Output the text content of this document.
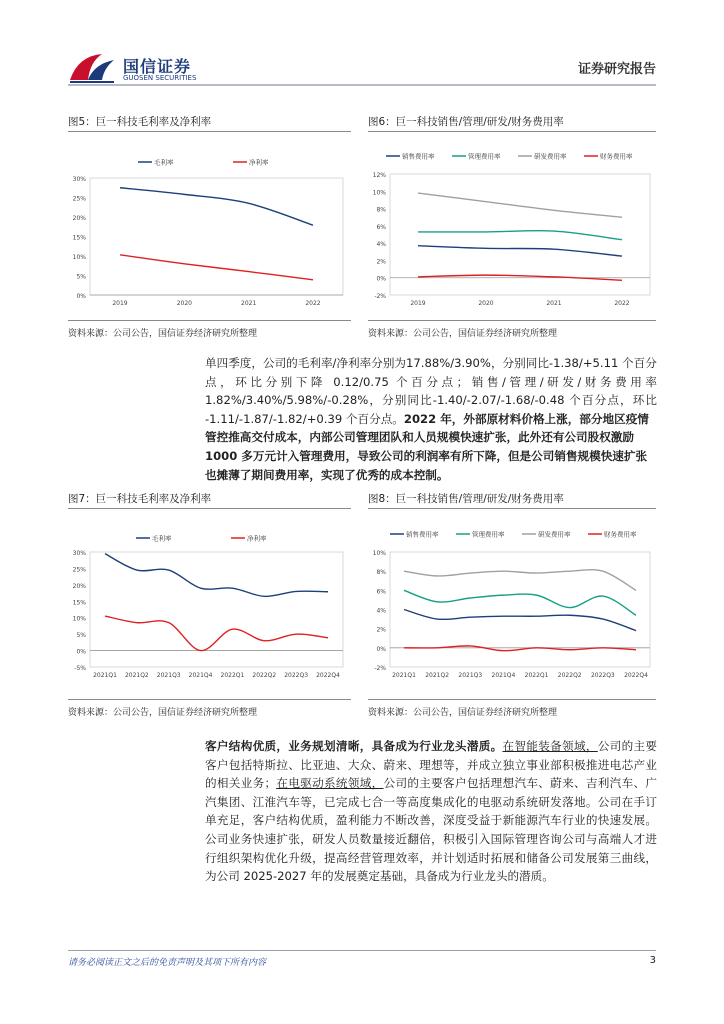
国信证券
GUOSEN SECURITIES
证券研究报告
图5：巨一科技毛利率及净利率
30%
25%
20%
15%
10%
5%
0%
2019	2020	2021	2022
毛利率	净利率
资料来源：公司公告，国信证券经济研究所整理
图6：巨一科技销售/管理/研发/财务费用率
12%
10%
8%
6%
4%
2%
0%
-2%
2019	2020	2021	2022
销售费用率	管理费用率	研发费用率	财务费用率
资料来源：公司公告，国信证券经济研究所整理
单四季度，公司的毛利率/净利率分别为17.88%/3.90%，分别同比-1.38/+5.11 个百分
点，环比分别下降 0.12/0.75 个百分点；销售/管理/研发/财务费用率
1.82%/3.40%/5.98%/-0.28%，分别同比-1.40/-2.07/-1.68/-0.48 个百分点，环比
-1.11/-1.87/-1.82/+0.39 个百分点。2022 年，外部原材料价格上涨，部分地区疫情
管控推高交付成本，内部公司管理团队和人员规模快速扩张，此外还有公司股权激励
1000 多万元计入管理费用，导致公司的利润率有所下降，但是公司销售规模快速扩张
也摊薄了期间费用率，实现了优秀的成本控制。
图7：巨一科技毛利率及净利率
30%
25%
20%
15%
10%
5%
0%
-5%
2021Q1 2021Q2 2021Q3 2021Q4 2022Q1 2022Q2 2022Q3 2022Q4
毛利率	净利率
资料来源：公司公告，国信证券经济研究所整理
图8：巨一科技销售/管理/研发/财务费用率
10%
8%
6%
4%
2%
0%
-2%
2021Q1 2021Q2 2021Q3 2021Q4 2022Q1 2022Q2 2022Q3 2022Q4
销售费用率	管理费用率	研发费用率	财务费用率
资料来源：公司公告，国信证券经济研究所整理
客户结构优质，业务规划清晰，具备成为行业龙头潜质。在智能装备领域，公司的主要客户包括特斯拉、比亚迪、大众、蔚来、理想等，并成立独立事业部积极推进电芯产业的相关业务；在电驱动系统领域，公司的主要客户包括理想汽车、蔚来、吉利汽车、广汽集团、江淮汽车等，已完成七合一等高度集成化的电驱动系统研发落地。公司在手订单充足，客户结构优质，盈利能力不断改善，深度受益于新能源汽车行业的快速发展。公司业务快速扩张，研发人员数量接近翻倍，积极引入国际管理咨询公司与高端人才进行组织架构优化升级，提高经营管理效率，并计划适时拓展和储备公司发展第三曲线，为公司 2025-2027 年的发展奠定基础，具备成为行业龙头的潜质。
请务必阅读正文之后的免责声明及其项下所有内容	3
